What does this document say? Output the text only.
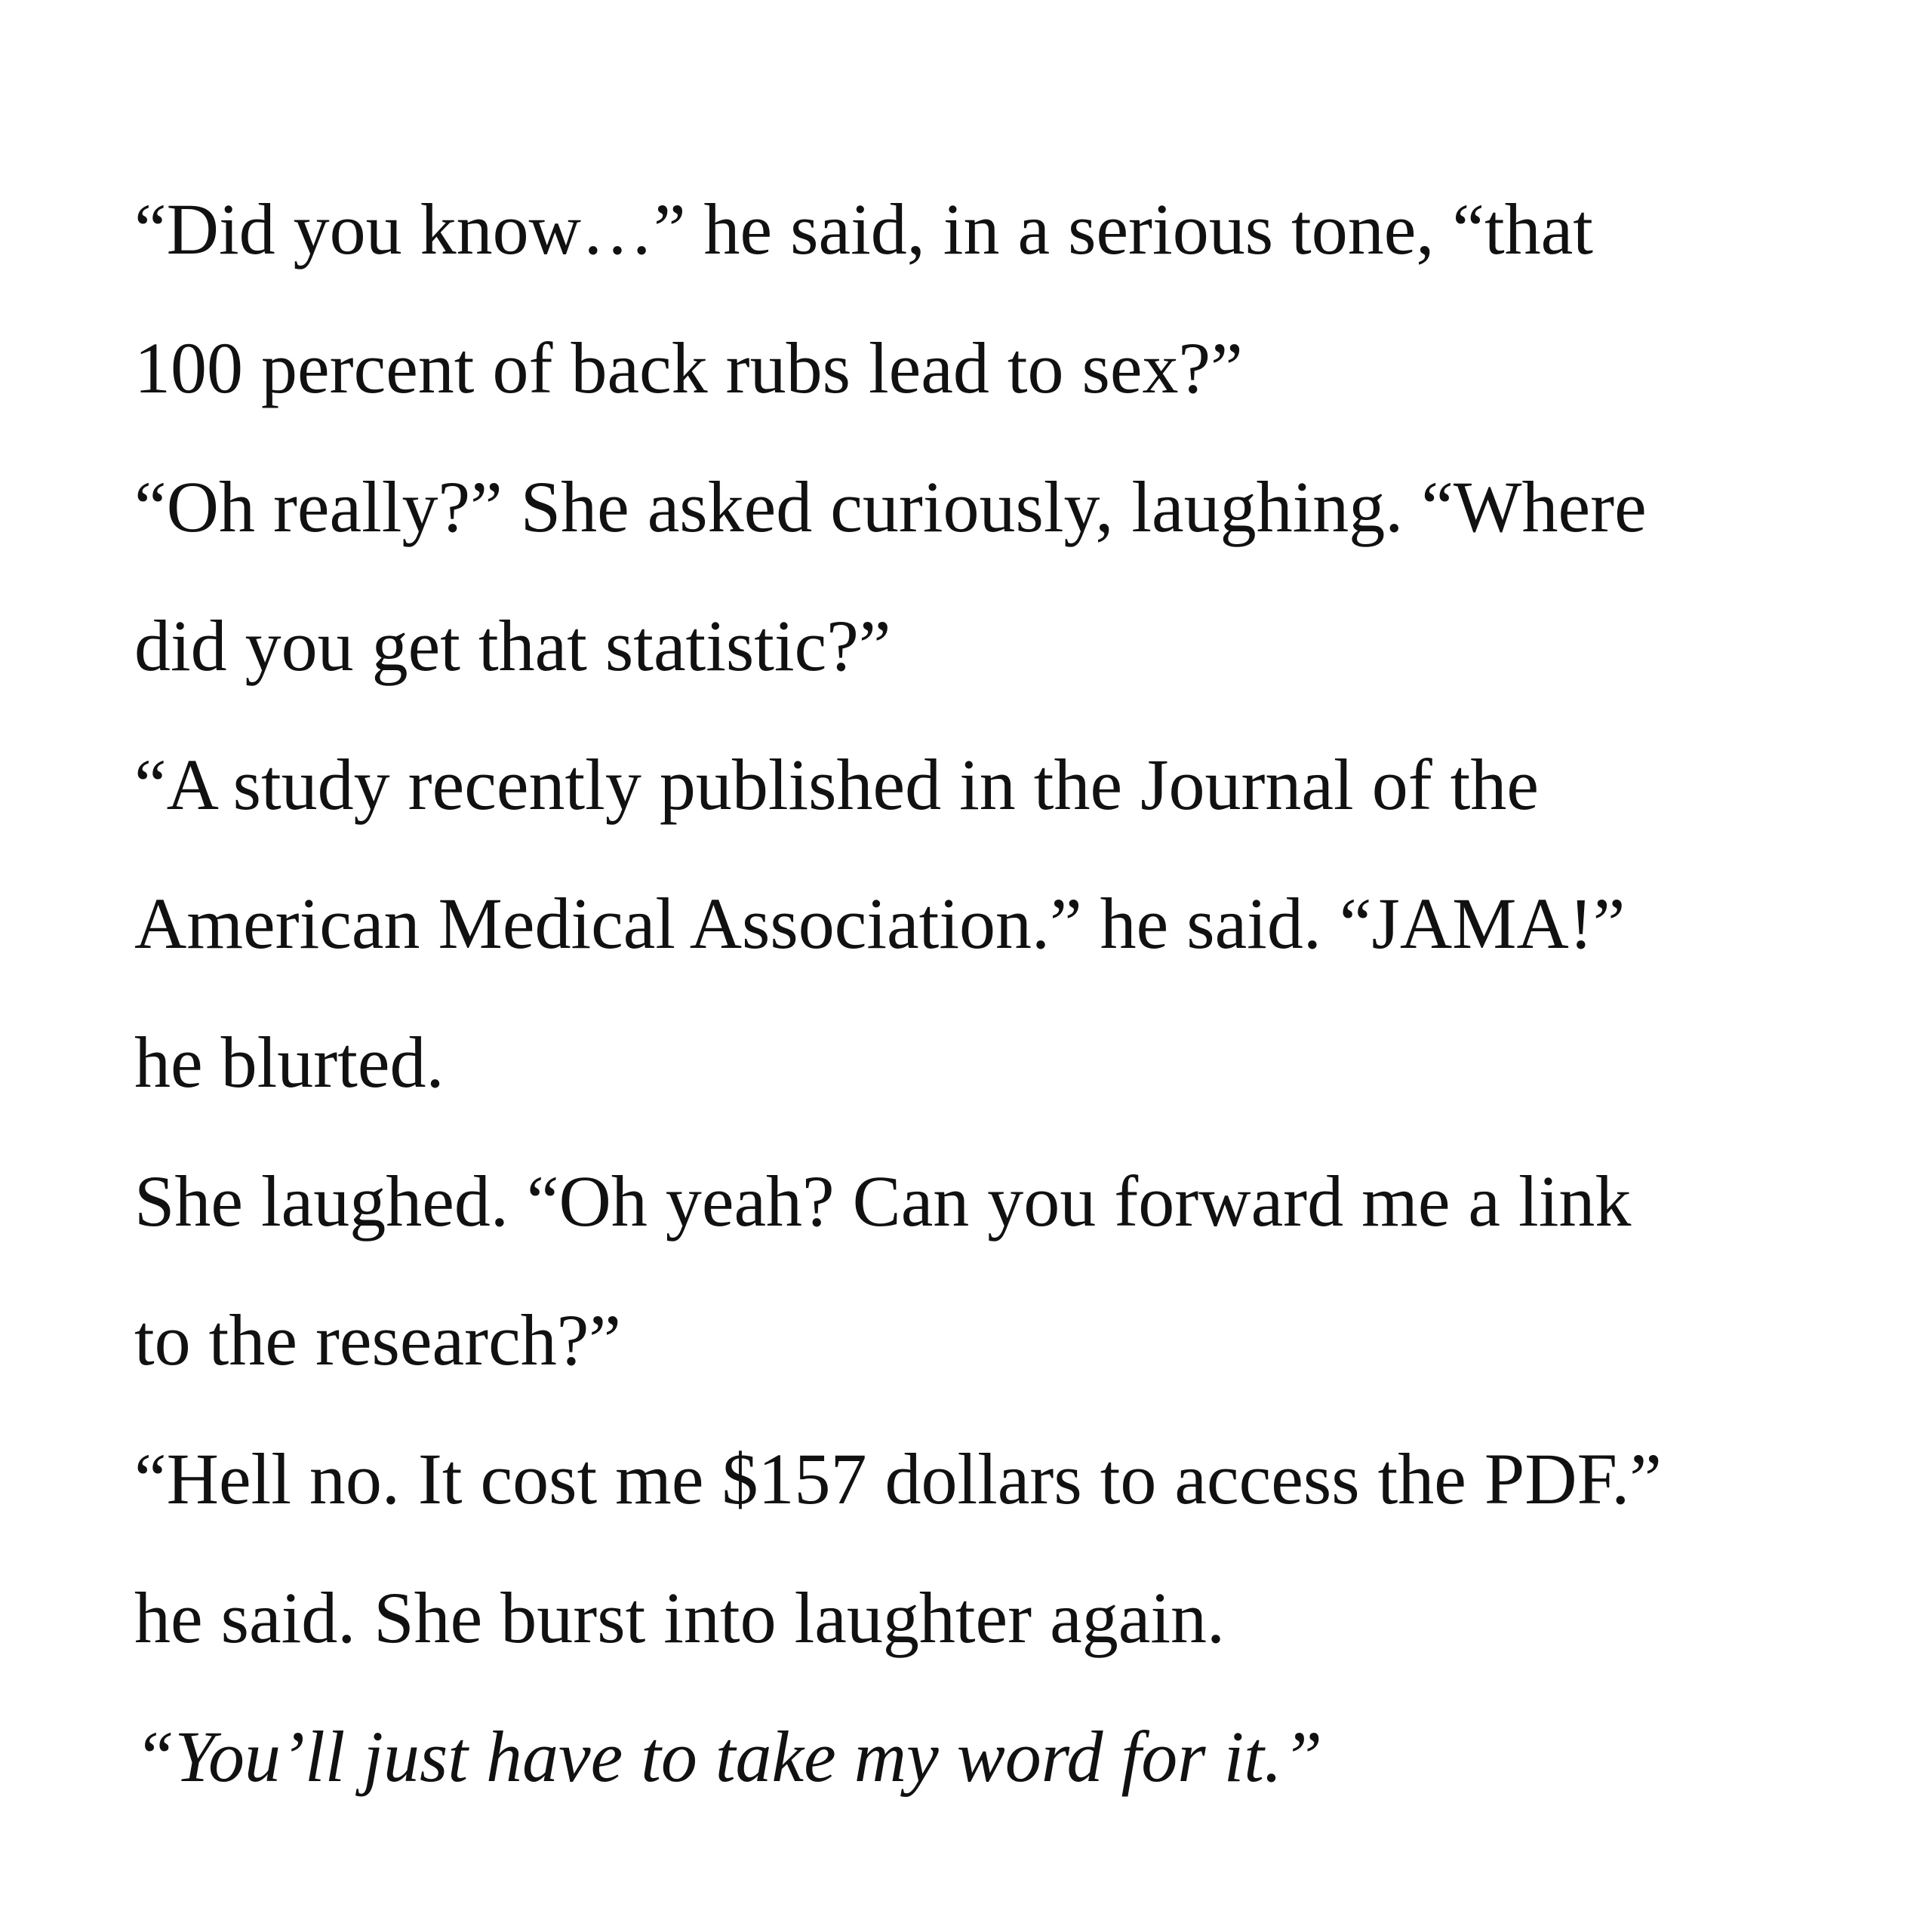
“Did you know…” he said, in a serious tone, “that
100 percent of back rubs lead to sex?”

“Oh really?” She asked curiously, laughing. “Where
did you get that statistic?”

“A study recently published in the Journal of the
American Medical Association.” he said. “JAMA!”
he blurted.

She laughed. “Oh yeah? Can you forward me a link
to the research?”

“Hell no. It cost me $157 dollars to access the PDF.”
he said. She burst into laughter again.

“You’ll just have to take my word for it.”
